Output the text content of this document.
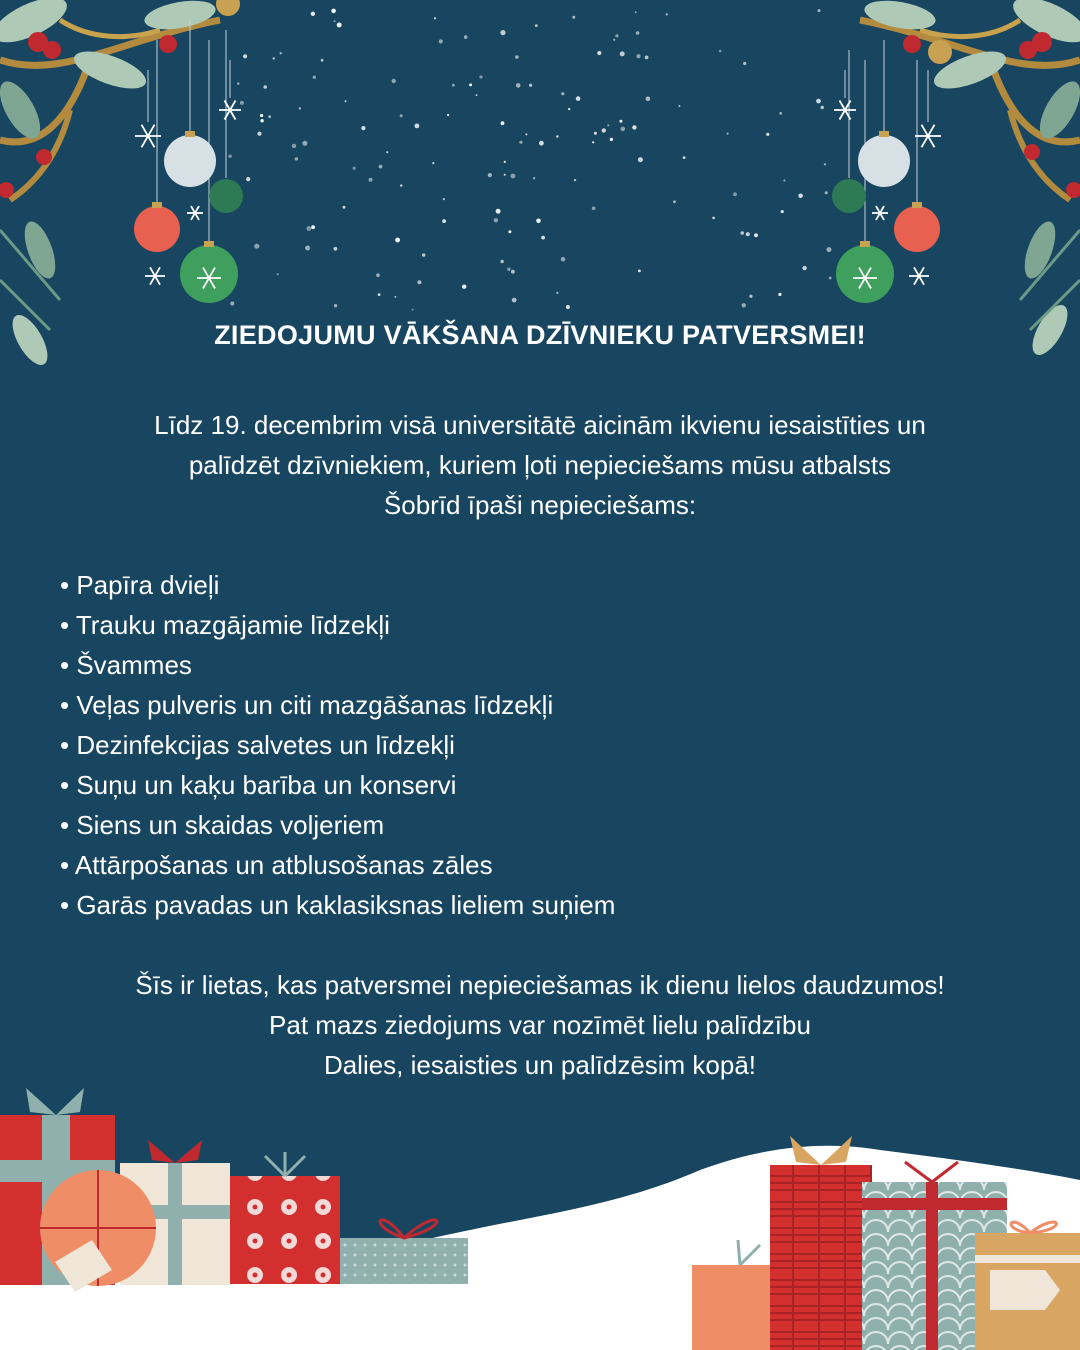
ZIEDOJUMU VĀKŠANA DZĪVNIEKU PATVERSMEI!
Līdz 19. decembrim visā universitātē aicinām ikvienu iesaistīties un
palīdzēt dzīvniekiem, kuriem ļoti nepieciešams mūsu atbalsts
Šobrīd īpaši nepieciešams:
• Papīra dvieļi
• Trauku mazgājamie līdzekļi
• Švammes
• Veļas pulveris un citi mazgāšanas līdzekļi
• Dezinfekcijas salvetes un līdzekļi
• Suņu un kaķu barība un konservi
• Siens un skaidas voljeriem
• Attārpošanas un atblusošanas zāles
• Garās pavadas un kaklasiksnas lieliem suņiem
Šīs ir lietas, kas patversmei nepieciešamas ik dienu lielos daudzumos!
Pat mazs ziedojums var nozīmēt lielu palīdzību
Dalies, iesaisties un palīdzēsim kopā!
